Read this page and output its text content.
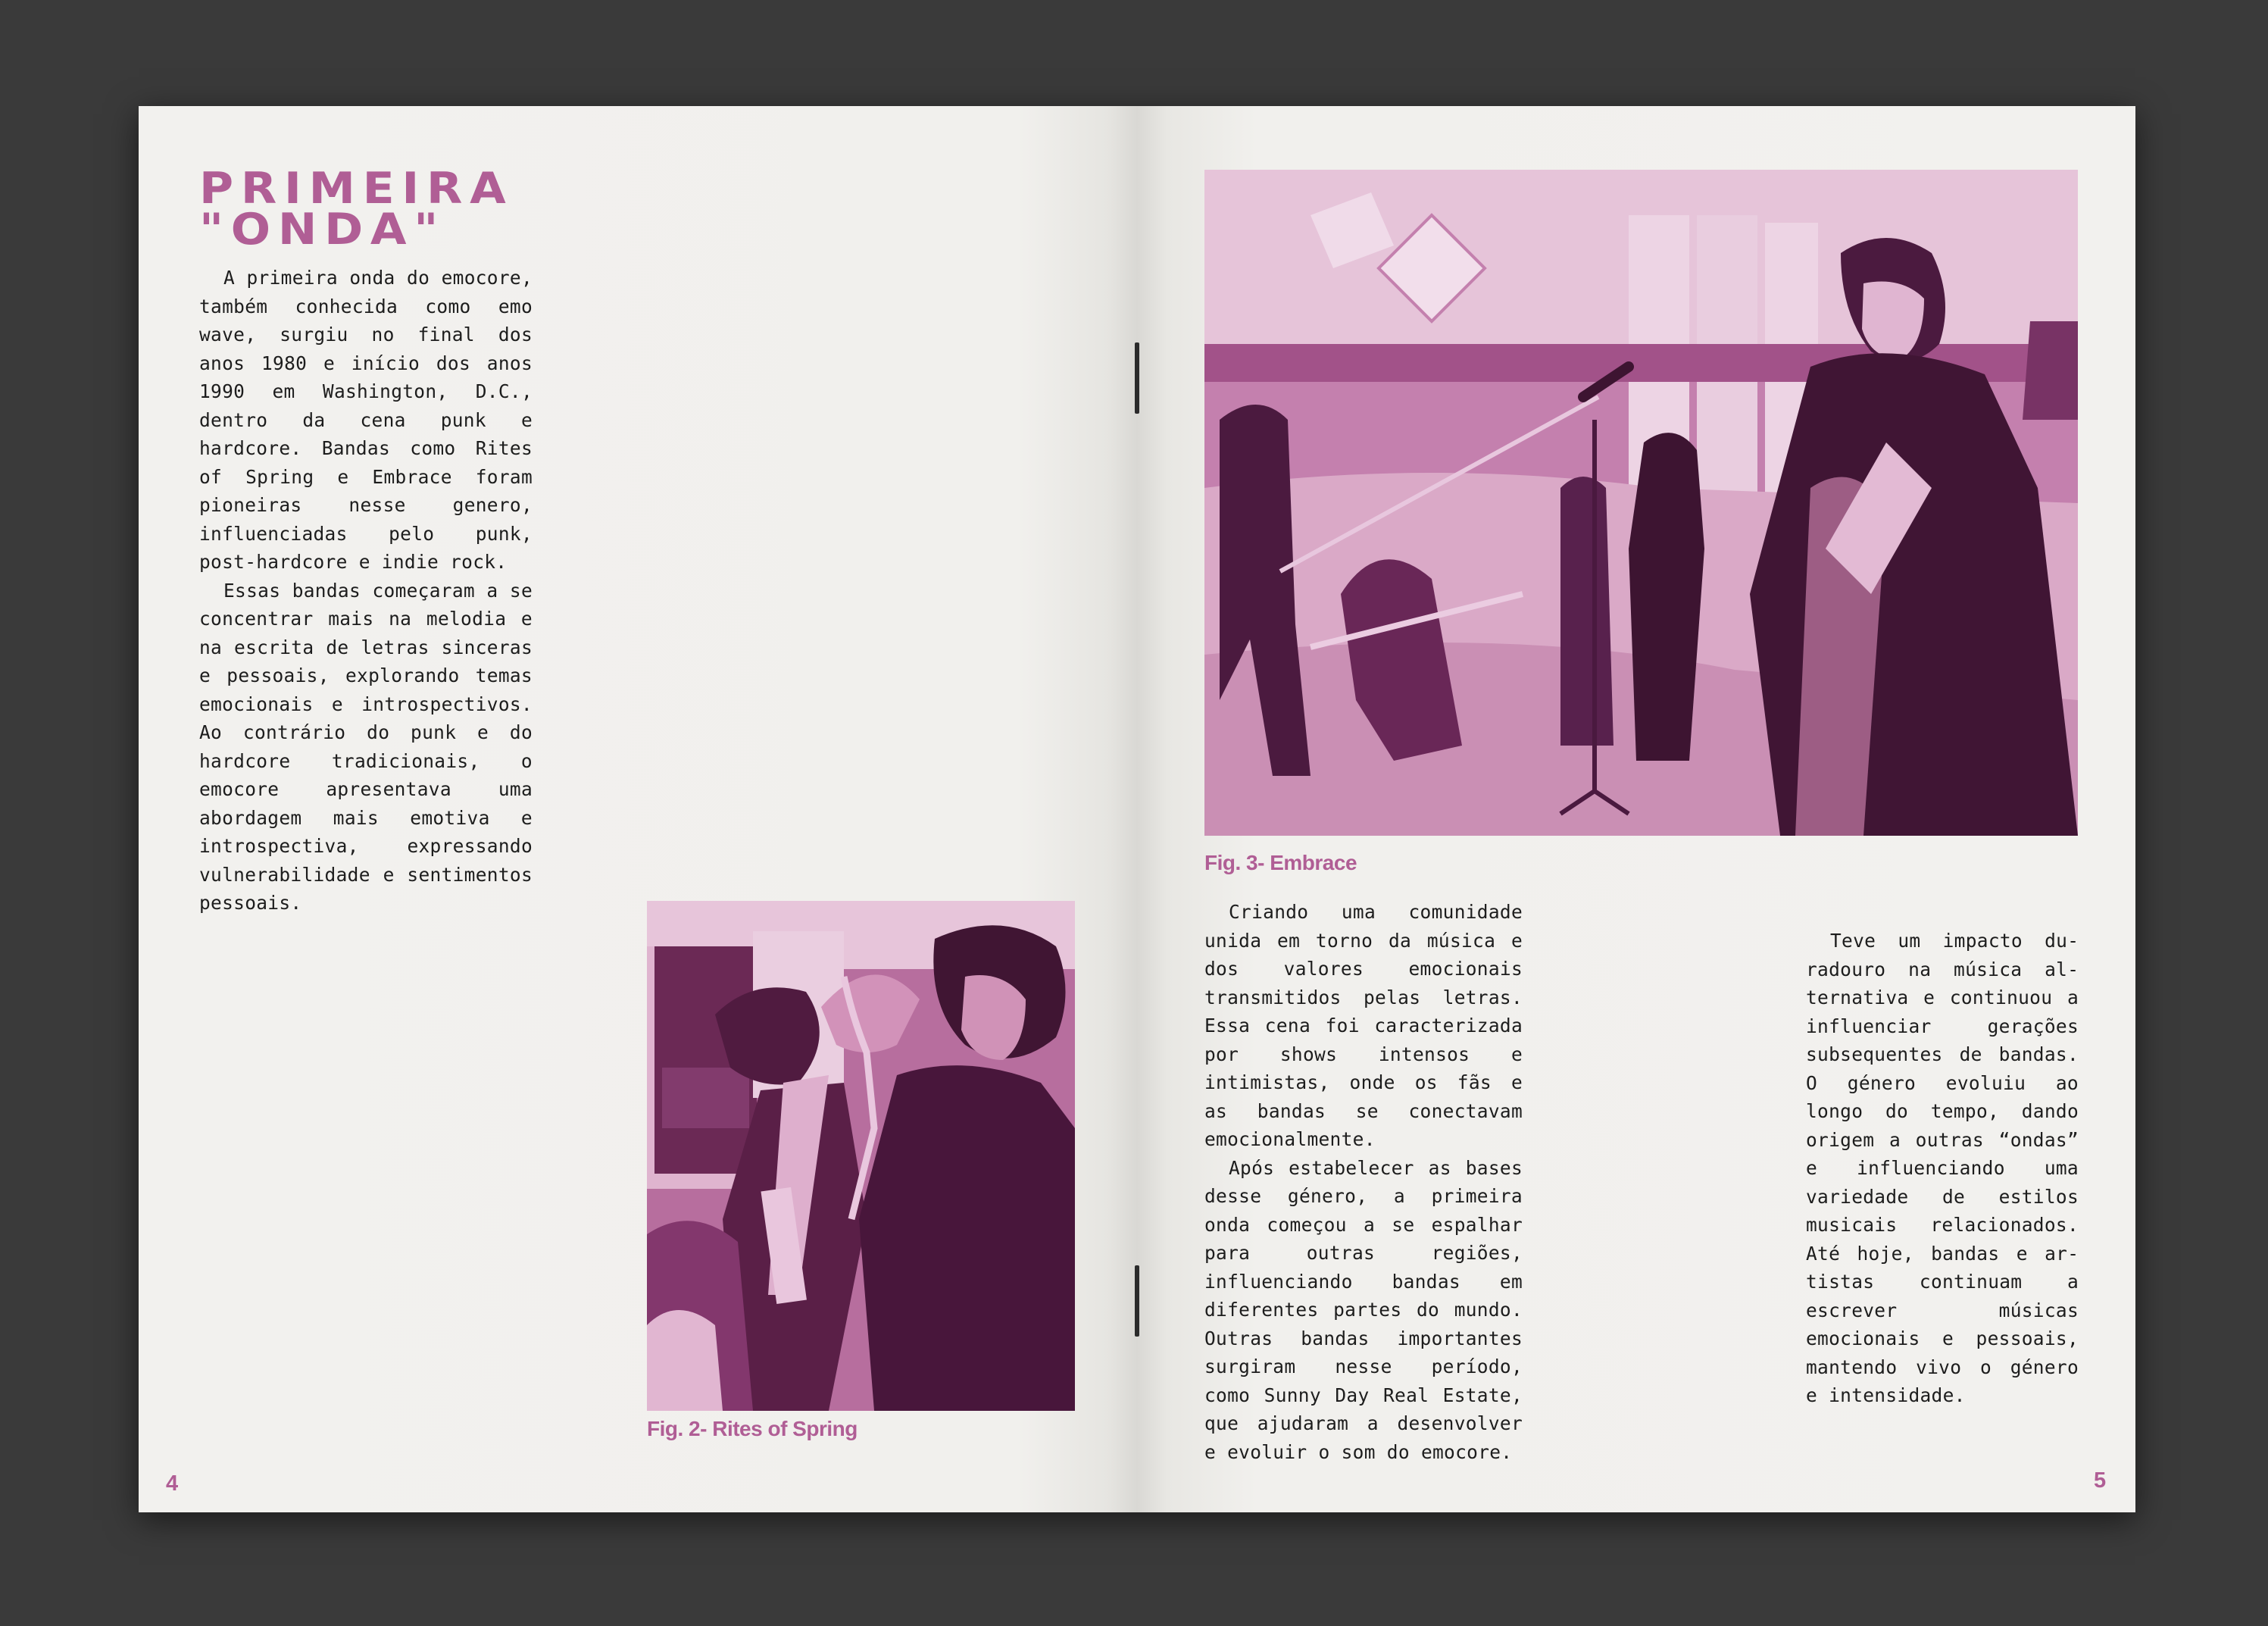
PRIMEIRA
"ONDA"

A primeira onda do emocore, também conhecida como emo wave, surgiu no final dos anos 1980 e início dos anos 1990 em Washington, D.C., dentro da cena punk e hardcore. Bandas como Rites of Spring e Embrace foram pioneiras nesse genero, influenciadas pelo punk, post-hardcore e indie rock.

Essas bandas começaram a se concentrar mais na melodia e na escrita de letras sinceras e pessoais, explorando temas emocionais e introspectivos. Ao contrário do punk e do hardcore tradicionais, o emocore apresentava uma abordagem mais emotiva e introspectiva, expressando vulnerabilidade e sentimentos pessoais.

Fig. 2- Rites of Spring

4

Fig. 3- Embrace

Criando uma comunidade unida em torno da música e dos valores emocionais transmitidos pelas letras. Essa cena foi caracterizada por shows intensos e intimistas, onde os fãs e as bandas se conectavam emocionalmente.

Após estabelecer as bases desse género, a primeira onda começou a se espalhar para outras regiões, influenciando bandas em diferentes partes do mundo. Outras bandas importantes surgiram nesse período, como Sunny Day Real Estate, que ajudaram a desenvolver e evoluir o som do emocore.

Teve um impacto duradouro na música alternativa e continuou a influenciar gerações subsequentes de bandas. O género evoluiu ao longo do tempo, dando origem a outras “ondas” e influenciando uma variedade de estilos musicais relacionados. Até hoje, bandas e artistas continuam a escrever músicas emocionais e pessoais, mantendo vivo o género e intensidade.

5
